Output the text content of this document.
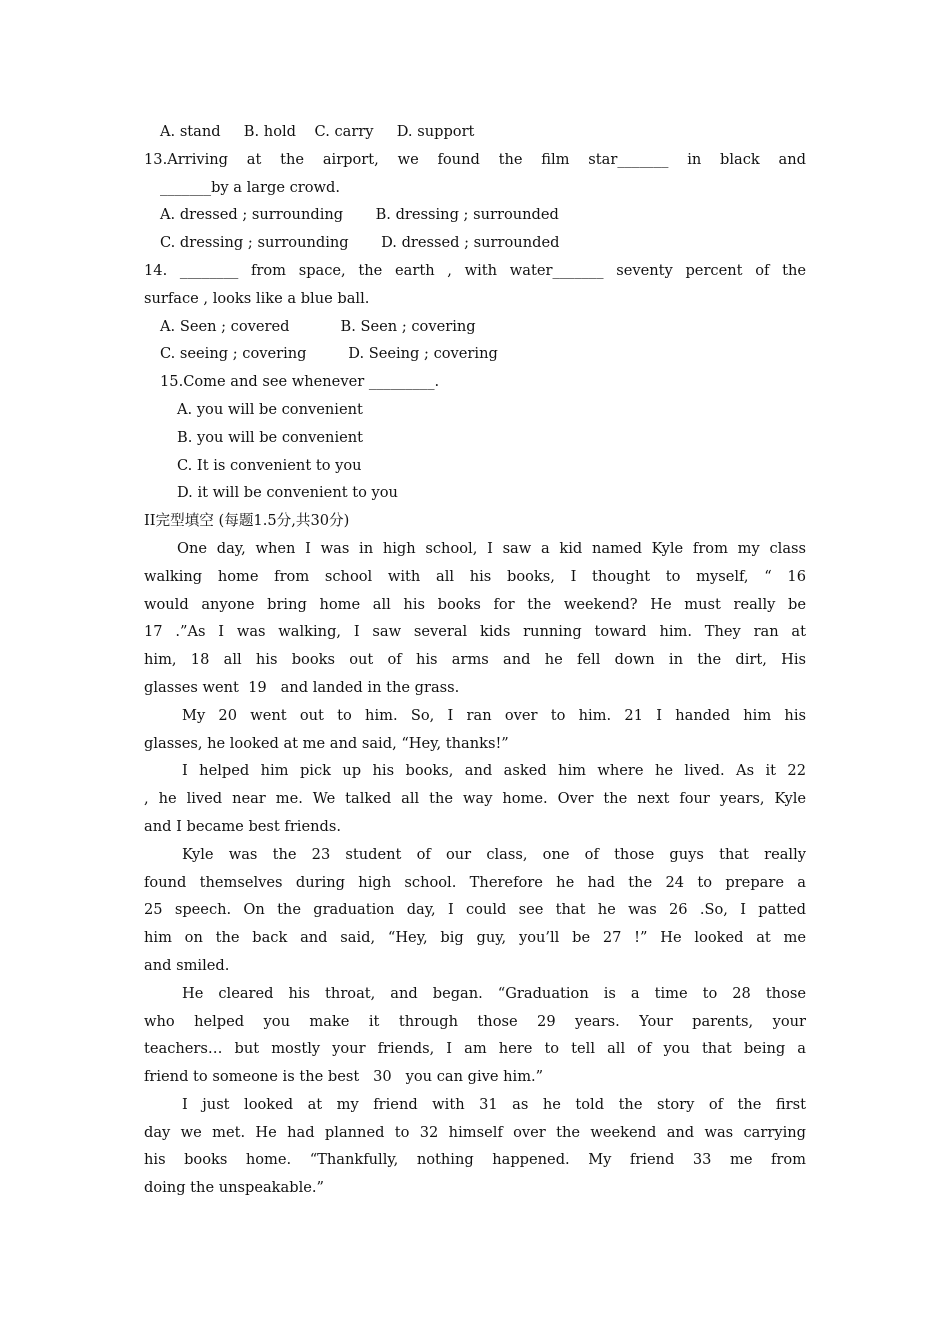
A. stand     B. hold    C. carry     D. support
13.Arriving at the airport, we found the film star_______ in black and
_______by a large crowd.
A. dressed ; surrounding       B. dressing ; surrounded
C. dressing ; surrounding       D. dressed ; surrounded
14. ________ from space, the earth , with water_______ seventy percent of the
surface , looks like a blue ball.
A. Seen ; covered           B. Seen ; covering
C. seeing ; covering         D. Seeing ; covering
15.Come and see whenever _________.
A. you will be convenient
B. you will be convenient
C. It is convenient to you
D. it will be convenient to you
II完型填空 (每题1.5分,共30分)
One day, when I was in high school, I saw a kid named Kyle from my class
walking home from school with all his books, I thought to myself, “ 16
would anyone bring home all his books for the weekend? He must really be
17 .”As I was walking, I saw several kids running toward him. They ran at
him, 18 all his books out of his arms and he fell down in the dirt, His
glasses went  19   and landed in the grass.
My 20 went out to him. So, I ran over to him. 21 I handed him his
glasses, he looked at me and said, “Hey, thanks!”
I helped him pick up his books, and asked him where he lived. As it 22
, he lived near me. We talked all the way home. Over the next four years, Kyle
and I became best friends.
Kyle was the 23 student of our class, one of those guys that really
found themselves during high school. Therefore he had the 24 to prepare a
25 speech. On the graduation day, I could see that he was 26 .So, I patted
him on the back and said, “Hey, big guy, you’ll be 27 !” He looked at me
and smiled.
He cleared his throat, and began. “Graduation is a time to 28 those
who helped you make it through those 29 years. Your parents, your
teachers… but mostly your friends, I am here to tell all of you that being a
friend to someone is the best   30   you can give him.”
I just looked at my friend with 31 as he told the story of the first
day we met. He had planned to 32 himself over the weekend and was carrying
his books home. “Thankfully, nothing happened. My friend 33 me from
doing the unspeakable.”
